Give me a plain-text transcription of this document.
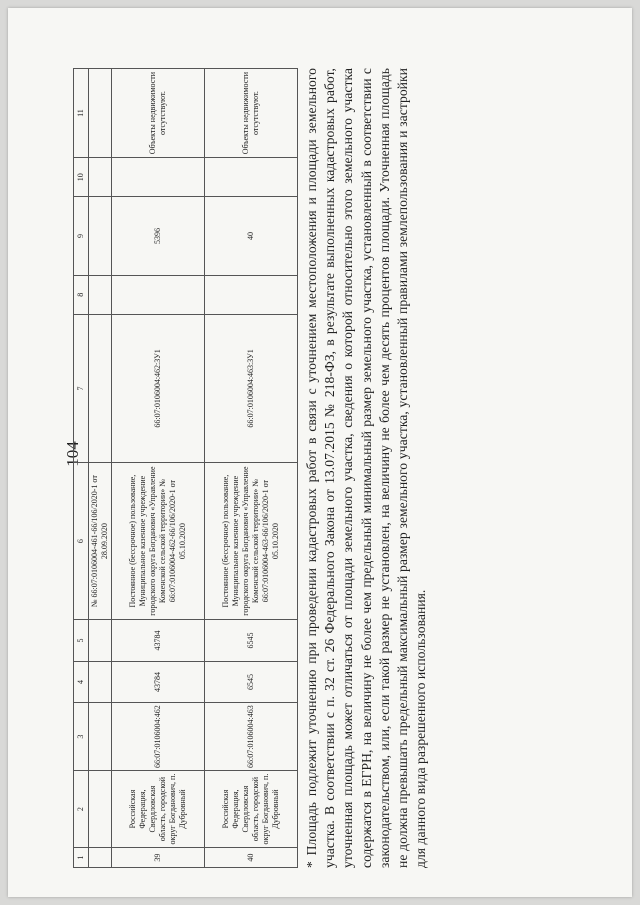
104
1	2	3	4	5	6	7	8	9	10	11
					№ 66:07:0106004-461-66/106/2020-1 от 28.09.2020					
39	Российская Федерация, Свердловская область, городской округ Богданович, п. Дубровный	66:07:0106004:462	43784	43784	Постоянное (бессрочное) пользование, Муниципальное казенное учреждение городского округа Богданович «Управление Коменской сельской территории» № 66:07:0106004-462-66/106/2020-1 от 05.10.2020	66:07:0106004:462:ЗУ1		5396		Объекты недвижимости отсутствуют.
40	Российская Федерация, Свердловская область, городской округ Богданович, п. Дубровный	66:07:0106004:463	6545	6545	Постоянное (бессрочное) пользование, Муниципальное казенное учреждение городского округа Богданович «Управление Коменской сельской территории» № 66:07:0106004-463-66/106/2020-1 от 05.10.2020	66:07:0106004:463:ЗУ1		40		Объекты недвижимости отсутствуют.	* Площадь подлежит уточнению при проведении кадастровых работ в связи с уточнением местоположения и площади земельного участка. В соответствии с п. 32 ст. 26 Федерального Закона от 13.07.2015 № 218-ФЗ, в результате выполненных кадастровых работ, уточненная площадь может отличаться от площади земельного участка, сведения о которой относительно этого земельного участка содержатся в ЕГРН, на величину не более чем предельный минимальный размер земельного участка, установленный в соответствии с законодательством, или, если такой размер не установлен, на величину не более чем десять процентов площади. Уточненная площадь не должна превышать предельный максимальный размер земельного участка, установленный правилами землепользования и застройки для данного вида разрешенного использования.
